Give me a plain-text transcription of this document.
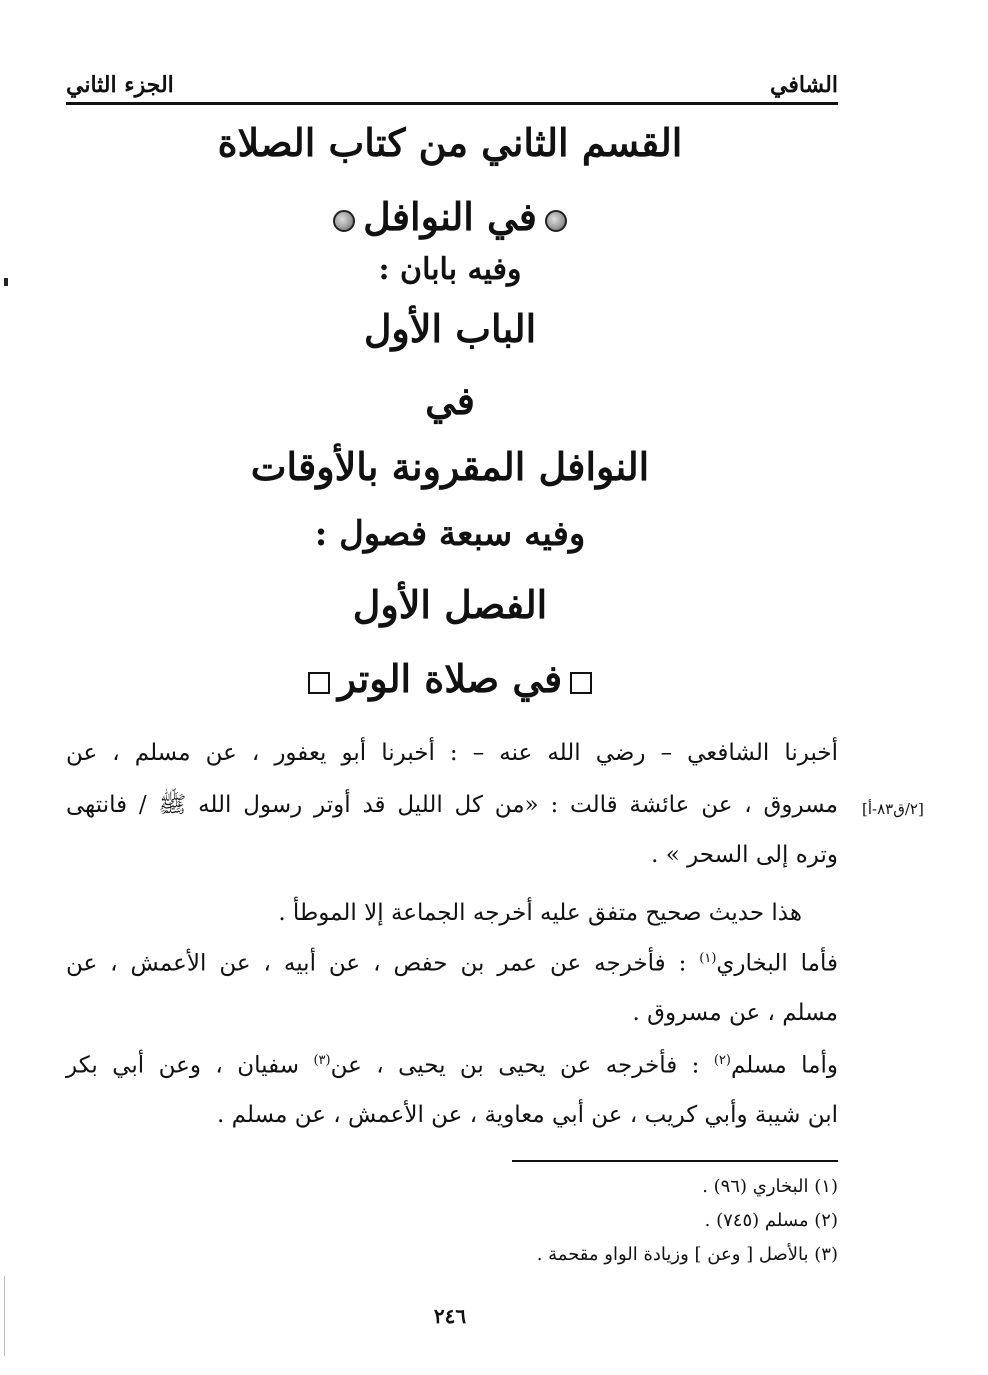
الشافي
الجزء الثاني
القسم الثاني من كتاب الصلاة
في النوافل
وفيه بابان :
الباب الأول
في
النوافل المقرونة بالأوقات
وفيه سبعة فصول :
الفصل الأول
في صلاة الوتر
أخبرنا الشافعي – رضي الله عنه – : أخبرنا أبو يعفور ، عن مسلم ، عن
مسروق ، عن عائشة قالت : «من كل الليل قد أوتر رسول الله ﷺ / فانتهى
وتره إلى السحر » .
هذا حديث صحيح متفق عليه أخرجه الجماعة إلا الموطأ .
فأما البخاري$^{(١)}$ : فأخرجه عن عمر بن حفص ، عن أبيه ، عن الأعمش ، عن
مسلم ، عن مسروق .
وأما مسلم$^{(٢)}$ : فأخرجه عن يحيى بن يحيى ، عن$^{(٣)}$ سفيان ، وعن أبي بكر
ابن شيبة وأبي كريب ، عن أبي معاوية ، عن الأعمش ، عن مسلم .
[٢/ق٨٣-أ]
(١) البخاري (٩٦) .
(٢) مسلم (٧٤٥) .
(٣) بالأصل [ وعن ] وزيادة الواو مقحمة .
٢٤٦
